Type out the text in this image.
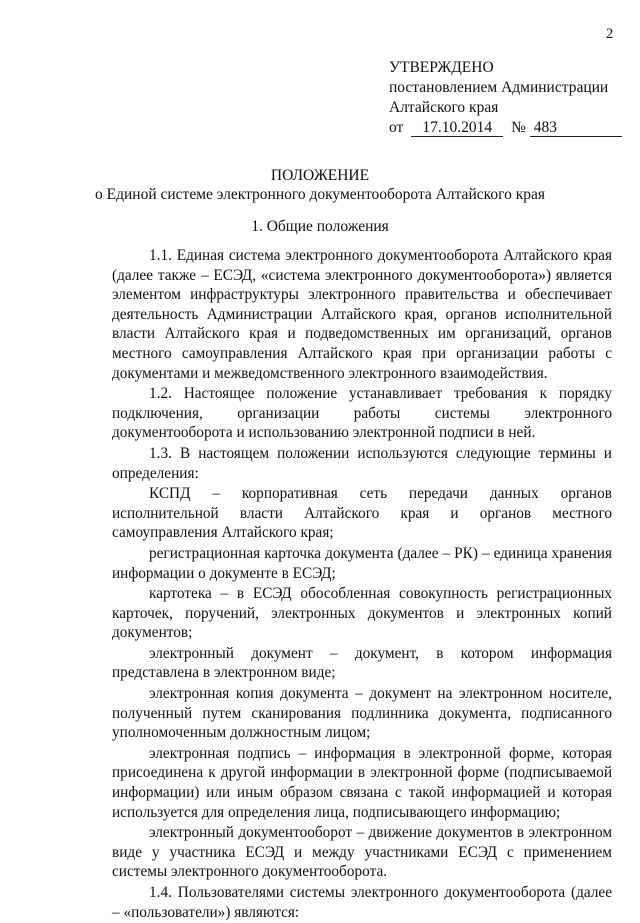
2
УТВЕРЖДЕНО
постановлением Администрации
Алтайского края
от 17.10.2014 № 483
ПОЛОЖЕНИЕ
о Единой системе электронного документооборота Алтайского края
1. Общие положения

1.1. Единая система электронного документооборота Алтайского края (далее также – ЕСЭД, «система электронного документооборота») является элементом инфраструктуры электронного правительства и обеспечивает деятельность Администрации Алтайского края, органов исполнительной власти Алтайского края и подведомственных им организаций, органов местного самоуправления Алтайского края при организации работы с документами и межведомственного электронного взаимодействия.

1.2. Настоящее положение устанавливает требования к порядку подключения, организации работы системы электронного документооборота и использованию электронной подписи в ней.

1.3. В настоящем положении используются следующие термины и определения:

КСПД – корпоративная сеть передачи данных органов исполнительной власти Алтайского края и органов местного самоуправления Алтайского края;

регистрационная карточка документа (далее – РК) – единица хранения информации о документе в ЕСЭД;

картотека – в ЕСЭД обособленная совокупность регистрационных карточек, поручений, электронных документов и электронных копий документов;

электронный документ – документ, в котором информация представлена в электронном виде;

электронная копия документа – документ на электронном носителе, полученный путем сканирования подлинника документа, подписанного уполномоченным должностным лицом;

электронная подпись – информация в электронной форме, которая присоединена к другой информации в электронной форме (подписываемой информации) или иным образом связана с такой информацией и которая используется для определения лица, подписывающего информацию;

электронный документооборот – движение документов в электронном виде у участника ЕСЭД и между участниками ЕСЭД с применением системы электронного документооборота.

1.4. Пользователями системы электронного документооборота (далее – «пользователи») являются:
